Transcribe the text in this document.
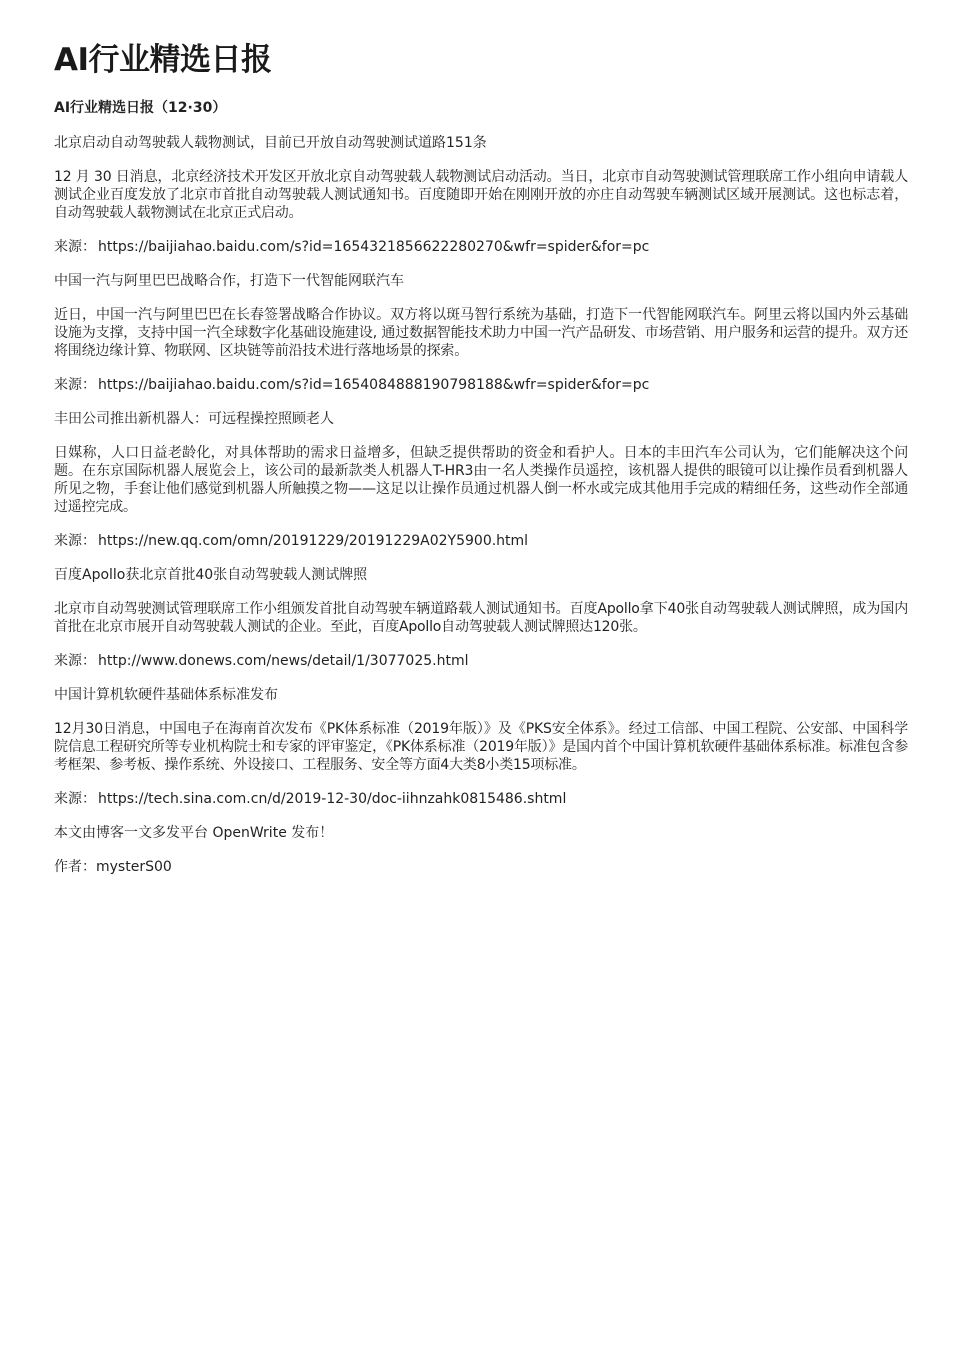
AI行业精选日报
AI行业精选日报（12·30）
北京启动自动驾驶载人载物测试，目前已开放自动驾驶测试道路151条
12 月 30 日消息，北京经济技术开发区开放北京自动驾驶载人载物测试启动活动。当日，北京市自动驾驶测试管理联席工作小组向申请载人测试企业百度发放了北京市首批自动驾驶载人测试通知书。百度随即开始在刚刚开放的亦庄自动驾驶车辆测试区域开展测试。这也标志着，自动驾驶载人载物测试在北京正式启动。
来源： https://baijiahao.baidu.com/s?id=1654321856622280270&wfr=spider&for=pc
中国一汽与阿里巴巴战略合作，打造下一代智能网联汽车
近日，中国一汽与阿里巴巴在长春签署战略合作协议。双方将以斑马智行系统为基础，打造下一代智能网联汽车。阿里云将以国内外云基础设施为支撑，支持中国一汽全球数字化基础设施建设, 通过数据智能技术助力中国一汽产品研发、市场营销、用户服务和运营的提升。双方还将围绕边缘计算、物联网、区块链等前沿技术进行落地场景的探索。
来源： https://baijiahao.baidu.com/s?id=1654084888190798188&wfr=spider&for=pc
丰田公司推出新机器人：可远程操控照顾老人
日媒称，人口日益老龄化，对具体帮助的需求日益增多，但缺乏提供帮助的资金和看护人。日本的丰田汽车公司认为，它们能解决这个问题。在东京国际机器人展览会上，该公司的最新款类人机器人T-HR3由一名人类操作员遥控，该机器人提供的眼镜可以让操作员看到机器人所见之物，手套让他们感觉到机器人所触摸之物——这足以让操作员通过机器人倒一杯水或完成其他用手完成的精细任务，这些动作全部通过遥控完成。
来源： https://new.qq.com/omn/20191229/20191229A02Y5900.html
百度Apollo获北京首批40张自动驾驶载人测试牌照
北京市自动驾驶测试管理联席工作小组颁发首批自动驾驶车辆道路载人测试通知书。百度Apollo拿下40张自动驾驶载人测试牌照，成为国内首批在北京市展开自动驾驶载人测试的企业。至此，百度Apollo自动驾驶载人测试牌照达120张。
来源： http://www.donews.com/news/detail/1/3077025.html
中国计算机软硬件基础体系标准发布
12月30日消息，中国电子在海南首次发布《PK体系标准（2019年版）》及《PKS安全体系》。经过工信部、中国工程院、公安部、中国科学院信息工程研究所等专业机构院士和专家的评审鉴定，《PK体系标准（2019年版）》是国内首个中国计算机软硬件基础体系标准。标准包含参考框架、参考板、操作系统、外设接口、工程服务、安全等方面4大类8小类15项标准。
来源： https://tech.sina.com.cn/d/2019-12-30/doc-iihnzahk0815486.shtml
本文由博客一文多发平台 OpenWrite 发布！
作者：mysterS00
